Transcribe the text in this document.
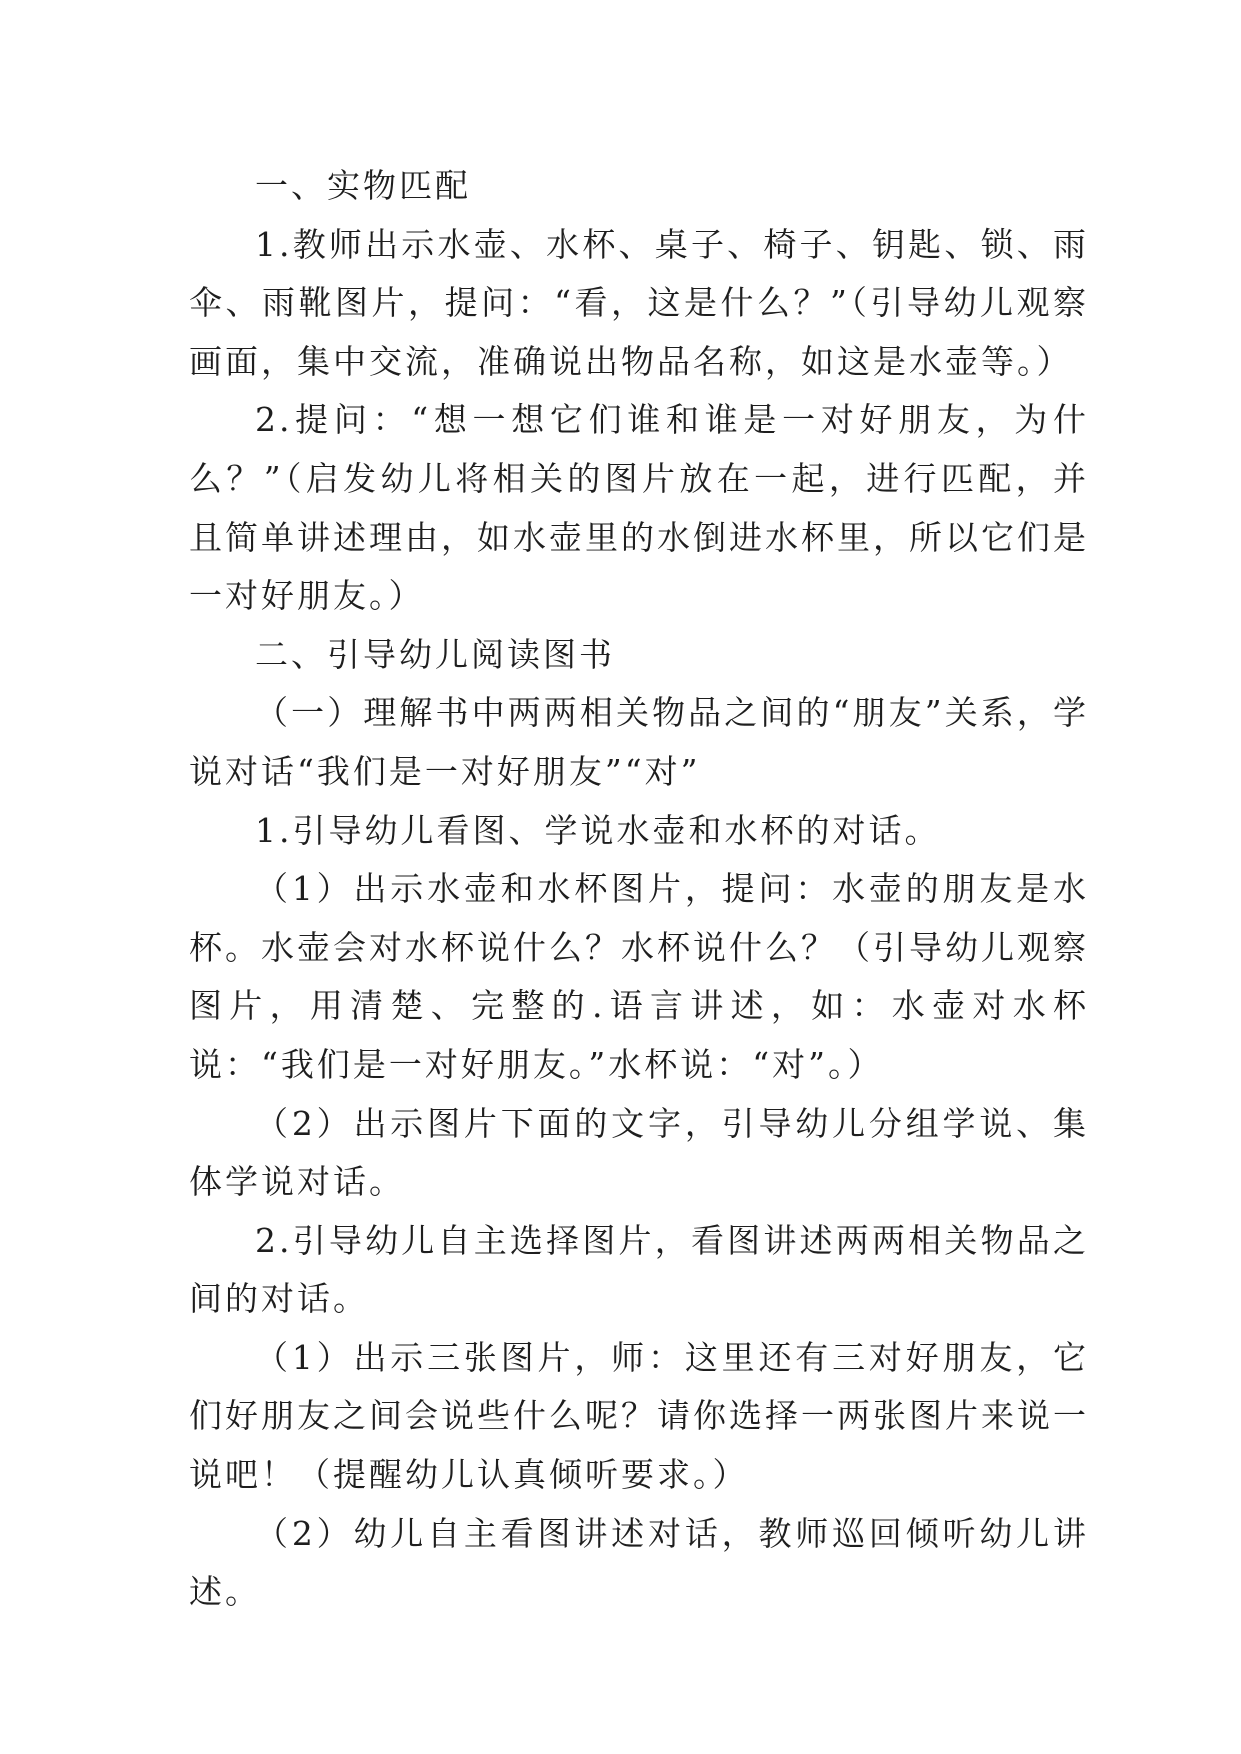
一、实物匹配

1.教师出示水壶、水杯、桌子、椅子、钥匙、锁、雨伞、雨靴图片，提问：“看，这是什么？”（引导幼儿观察画面，集中交流，准确说出物品名称，如这是水壶等。）

2.提问：“想一想它们谁和谁是一对好朋友，为什么？”（启发幼儿将相关的图片放在一起，进行匹配，并且简单讲述理由，如水壶里的水倒进水杯里，所以它们是一对好朋友。）

二、引导幼儿阅读图书

（一）理解书中两两相关物品之间的“朋友”关系，学说对话“我们是一对好朋友”“对”

1.引导幼儿看图、学说水壶和水杯的对话。

（1）出示水壶和水杯图片，提问：水壶的朋友是水杯。水壶会对水杯说什么？水杯说什么？（引导幼儿观察图片，用清楚、完整的.语言讲述，如：水壶对水杯说：“我们是一对好朋友。”水杯说：“对”。）

（2）出示图片下面的文字，引导幼儿分组学说、集体学说对话。

2.引导幼儿自主选择图片，看图讲述两两相关物品之间的对话。

（1）出示三张图片，师：这里还有三对好朋友，它们好朋友之间会说些什么呢？请你选择一两张图片来说一说吧！（提醒幼儿认真倾听要求。）

（2）幼儿自主看图讲述对话，教师巡回倾听幼儿讲述。
